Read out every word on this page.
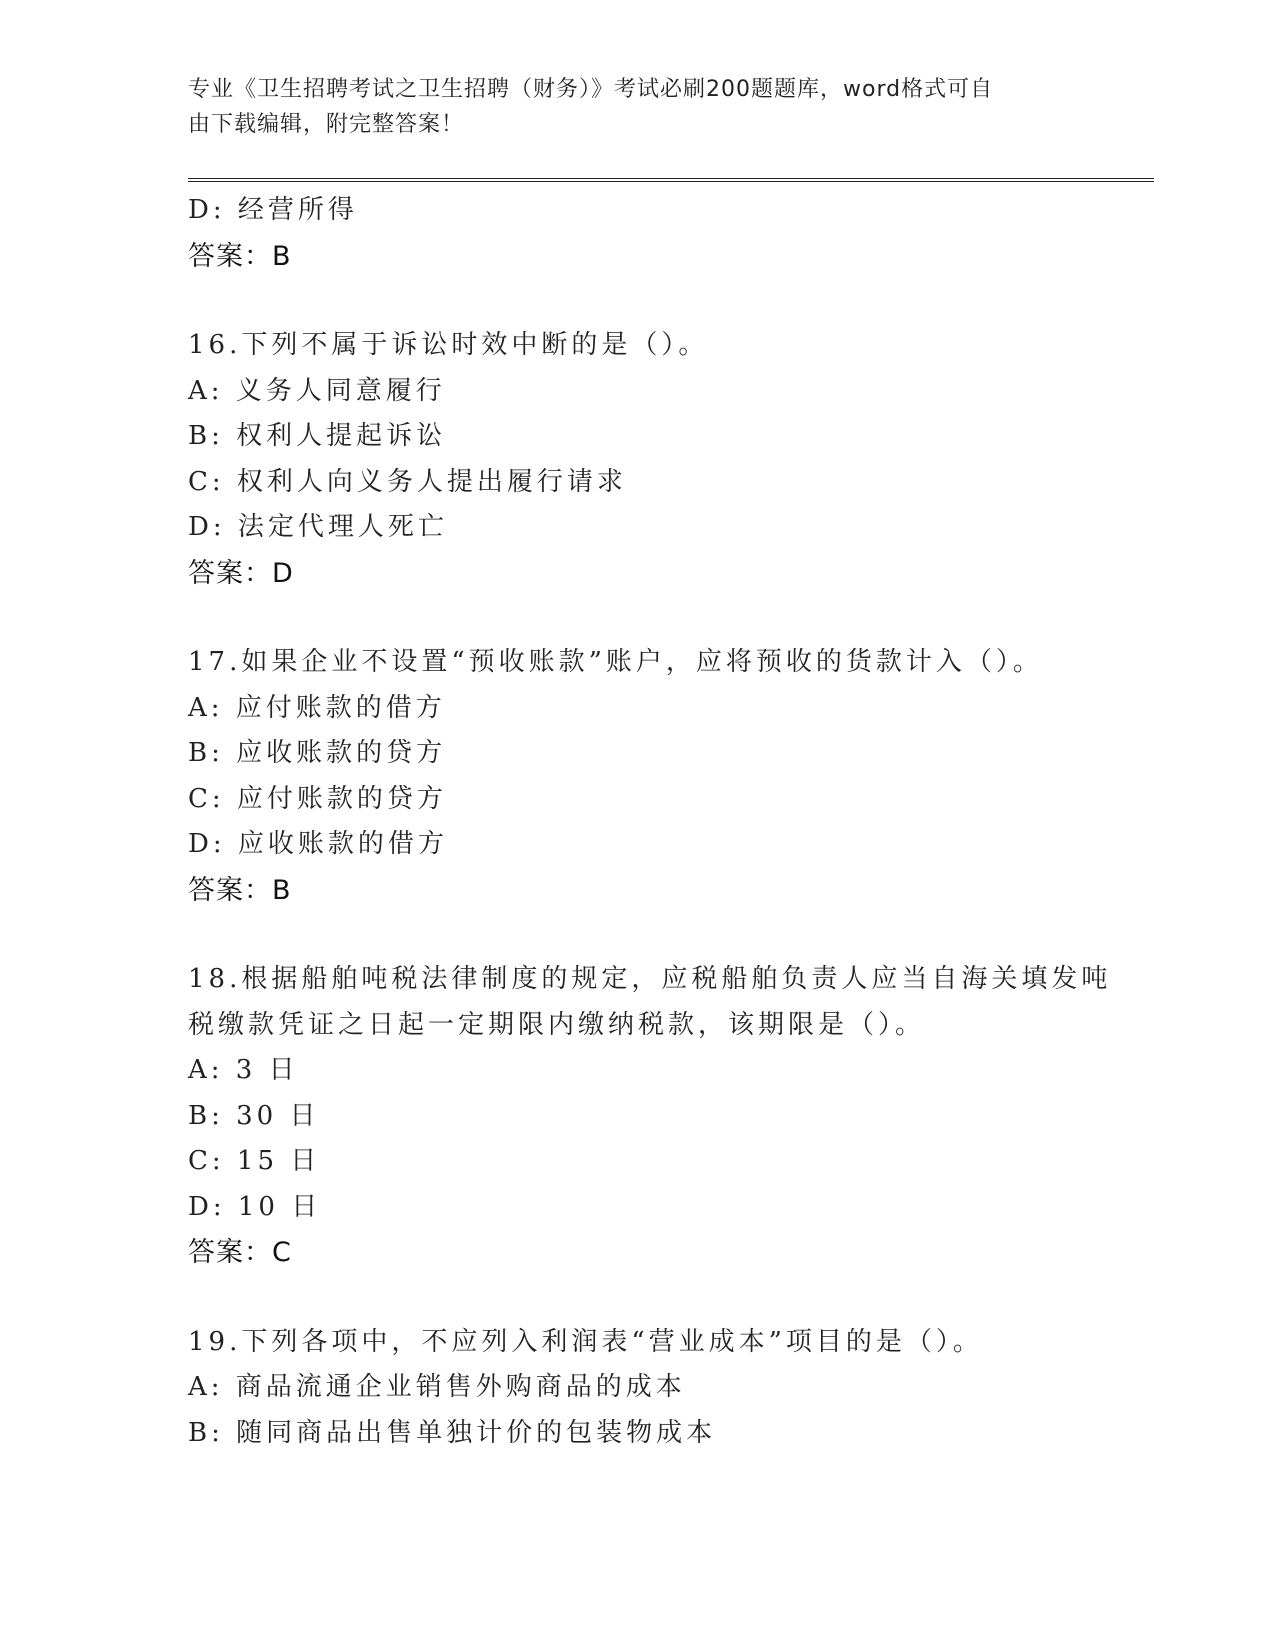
专业《卫生招聘考试之卫生招聘（财务）》考试必刷200题题库，word格式可自
由下载编辑，附完整答案！
D: 经营所得
答案：B
16.下列不属于诉讼时效中断的是（）。
A: 义务人同意履行
B: 权利人提起诉讼
C: 权利人向义务人提出履行请求
D: 法定代理人死亡
答案：D
17.如果企业不设置“预收账款”账户，应将预收的货款计入（）。
A: 应付账款的借方
B: 应收账款的贷方
C: 应付账款的贷方
D: 应收账款的借方
答案：B
18.根据船舶吨税法律制度的规定，应税船舶负责人应当自海关填发吨
税缴款凭证之日起一定期限内缴纳税款，该期限是（）。
A: 3 日
B: 30 日
C: 15 日
D: 10 日
答案：C
19.下列各项中，不应列入利润表“营业成本”项目的是（）。
A: 商品流通企业销售外购商品的成本
B: 随同商品出售单独计价的包装物成本
